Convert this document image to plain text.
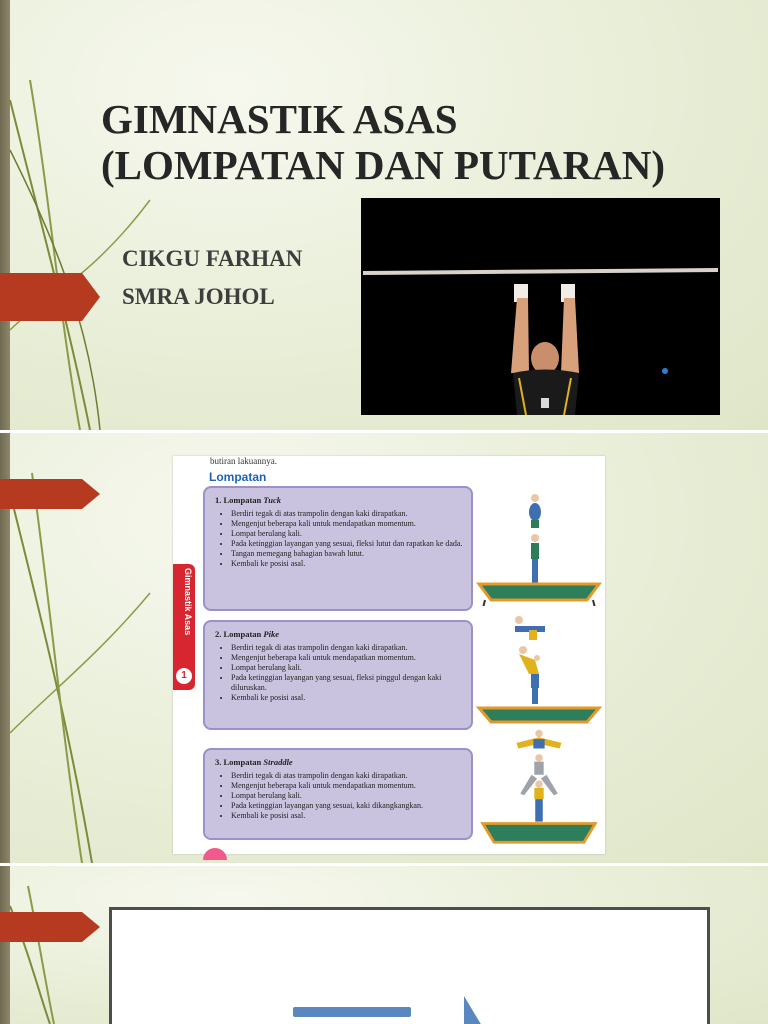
GIMNASTIK ASAS
(LOMPATAN DAN PUTARAN)
CIKGU FARHAN
SMRA JOHOL
butiran lakuannya.
Lompatan
Gimnastik Asas
1
1. Lompatan Tuck
• Berdiri tegak di atas trampolin dengan kaki dirapatkan.
• Mengenjut beberapa kali untuk mendapatkan momentum.
• Lompat berulang kali.
• Pada ketinggian layangan yang sesuai, fleksi lutut dan rapatkan ke dada.
• Tangan memegang bahagian bawah lutut.
• Kembali ke posisi asal.
2. Lompatan Pike
• Berdiri tegak di atas trampolin dengan kaki dirapatkan.
• Mengenjut beberapa kali untuk mendapatkan momentum.
• Lompat berulang kali.
• Pada ketinggian layangan yang sesuai, fleksi pinggul dengan kaki diluruskan.
• Kembali ke posisi asal.
3. Lompatan Straddle
• Berdiri tegak di atas trampolin dengan kaki dirapatkan.
• Mengenjut beberapa kali untuk mendapatkan momentum.
• Lompat berulang kali.
• Pada ketinggian layangan yang sesuai, kaki dikangkangkan.
• Kembali ke posisi asal.
